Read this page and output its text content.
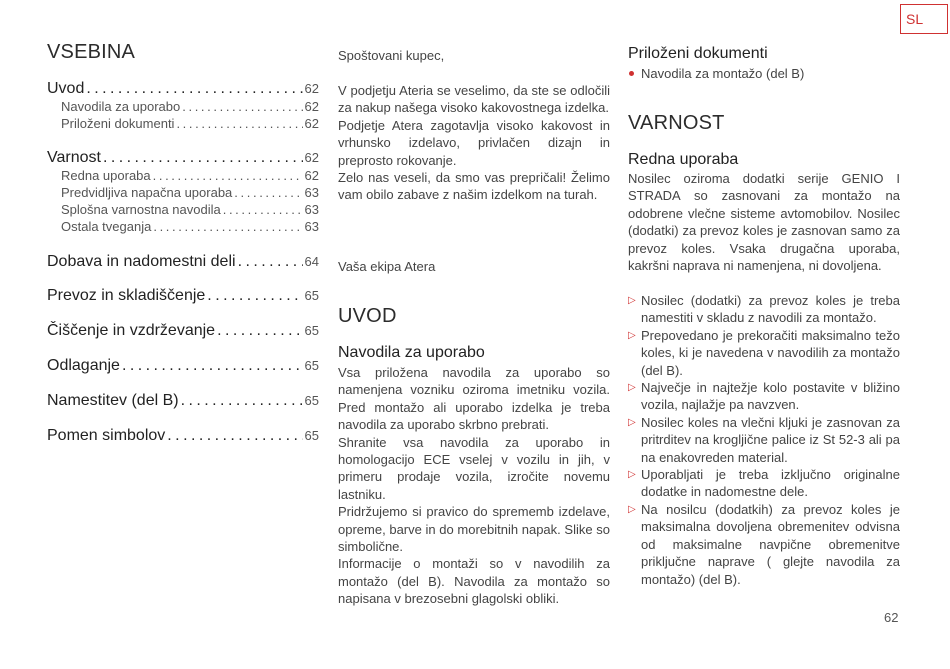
SL
VSEBINA
Uvod . . .	62
Navodila za uporabo . . .	62
Priloženi dokumenti . . .	62
Varnost . . .	62
Redna uporaba . . .	62
Predvidljiva napačna uporaba . . .	63
Splošna varnostna navodila . . .	63
Ostala tveganja . . .	63
Dobava in nadomestni deli . . .	64
Prevoz in skladiščenje . . .	65
Čiščenje in vzdrževanje . . .	65
Odlaganje . . .	65
Namestitev (del B) . . .	65
Pomen simbolov . . .	65

Spoštovani kupec,

V podjetju Ateria se veselimo, da ste se odločili za nakup našega visoko kakovostnega izdelka.

Podjetje Atera zagotavlja visoko kakovost in vrhunsko izdelavo, privlačen dizajn in preprosto rokovanje.

Zelo nas veseli, da smo vas prepričali! Želimo vam obilo zabave z našim izdelkom na turah.

Vaša ekipa Atera

UVOD
Navodila za uporabo

Vsa priložena navodila za uporabo so namenjena vozniku oziroma imetniku vozila. Pred montažo ali uporabo izdelka je treba navodila za uporabo skrbno prebrati.

Shranite vsa navodila za uporabo in homologacijo ECE vselej v vozilu in jih, v primeru prodaje vozila, izročite novemu lastniku.

Pridržujemo si pravico do sprememb izdelave, opreme, barve in do morebitnih napak. Slike so simbolične.

Informacije o montaži so v navodilih za montažo (del B). Navodila za montažo so napisana v brezosebni glagolski obliki.

Priloženi dokumenti
Navodila za montažo (del B)
VARNOST
Redna uporaba

Nosilec oziroma dodatki serije GENIO I STRADA so zasnovani za montažo na odobrene vlečne sisteme avtomobilov. Nosilec (dodatki) za prevoz koles je zasnovan samo za prevoz koles. Vsaka drugačna uporaba, kakršni naprava ni namenjena, ni dovoljena.

▷ Nosilec (dodatki) za prevoz koles je treba namestiti v skladu z navodili za montažo.
▷ Prepovedano je prekoračiti maksimalno težo koles, ki je navedena v navodilih za montažo (del B).
▷ Največje in najtežje kolo postavite v bližino vozila, najlažje pa navzven.
▷ Nosilec koles na vlečni kljuki je zasnovan za pritrditev na krogljične palice iz St 52-3 ali pa na enakovreden material.
▷ Uporabljati je treba izključno originalne dodatke in nadomestne dele.
▷ Na nosilcu (dodatkih) za prevoz koles je maksimalna dovoljena obremenitev odvisna od maksimalne navpične obremenitve priključne naprave ( glejte navodila za montažo) (del B).
62
